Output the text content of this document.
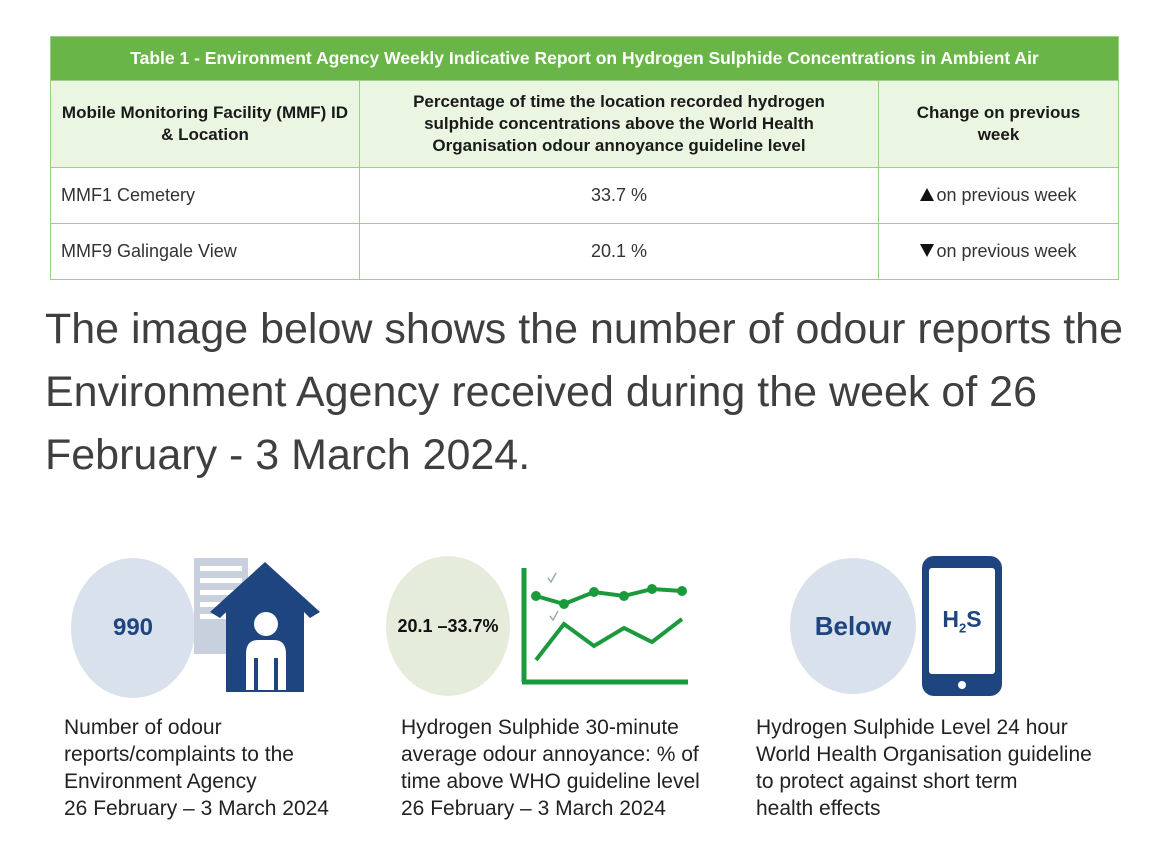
Table 1 - Environment Agency Weekly Indicative Report on Hydrogen Sulphide Concentrations in Ambient Air		
Mobile Monitoring Facility (MMF) ID & Location	Percentage of time the location recorded hydrogen sulphide concentrations above the World Health Organisation odour annoyance guideline level	Change on previous week
MMF1 Cemetery	33.7 %	on previous week
MMF9 Galingale View	20.1 %	on previous week
The image below shows the number of odour reports the Environment Agency received during the week of 26 February - 3 March 2024.
990
Number of odour
reports/complaints to the
Environment Agency
26 February – 3 March 2024
20.1 –33.7%
Hydrogen Sulphide 30-minute
average odour annoyance: % of
time above WHO guideline level
26 February – 3 March 2024
Below $H_2S$
Hydrogen Sulphide Level 24 hour
World Health Organisation guideline
to protect against short term
health effects
